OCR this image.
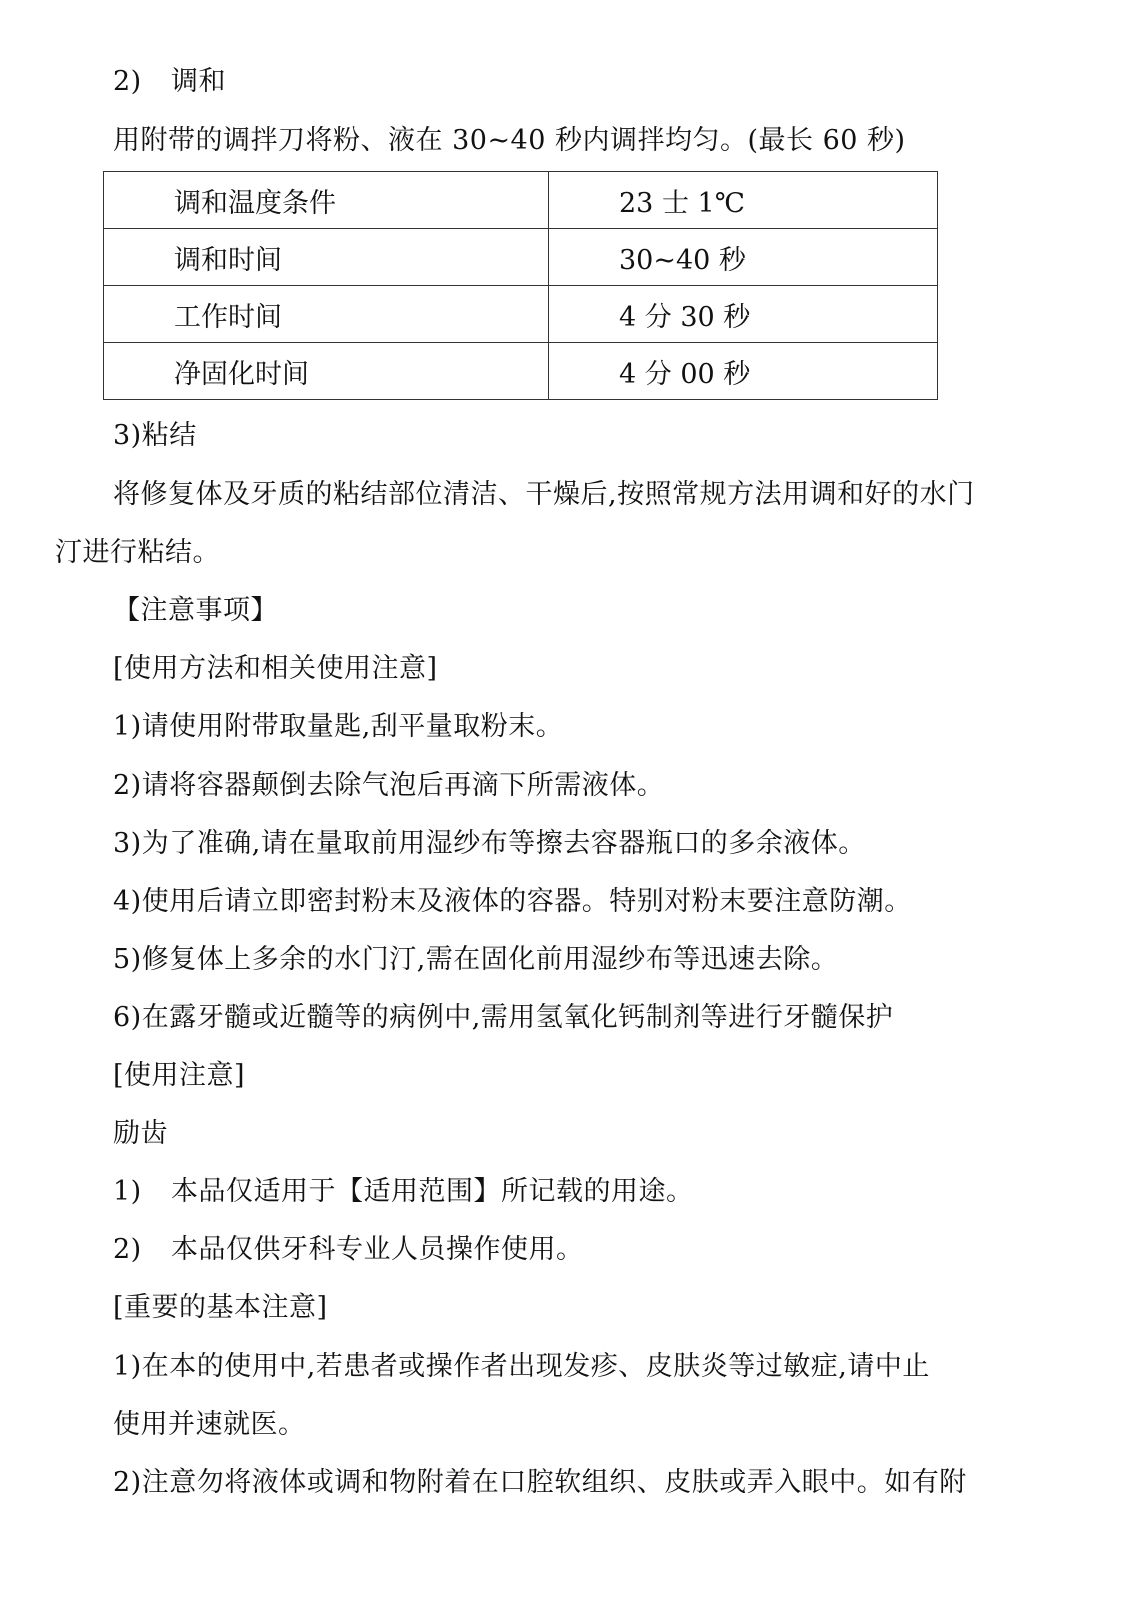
2) 调和
用附带的调拌刀将粉、液在 30~40 秒内调拌均匀。(最长 60 秒)
调和温度条件	23 士 1℃
调和时间	30~40 秒
工作时间	4 分 30 秒
净固化时间	4 分 00 秒
3)粘结
将修复体及牙质的粘结部位清洁、干燥后,按照常规方法用调和好的水门
汀进行粘结。
【注意事项】
[使用方法和相关使用注意]
1)请使用附带取量匙,刮平量取粉末。
2)请将容器颠倒去除气泡后再滴下所需液体。
3)为了准确,请在量取前用湿纱布等擦去容器瓶口的多余液体。
4)使用后请立即密封粉末及液体的容器。特别对粉末要注意防潮。
5)修复体上多余的水门汀,需在固化前用湿纱布等迅速去除。
6)在露牙髓或近髓等的病例中,需用氢氧化钙制剂等进行牙髓保护
[使用注意]
励齿
1) 本品仅适用于【适用范围】所记载的用途。
2) 本品仅供牙科专业人员操作使用。
[重要的基本注意]
1)在本的使用中,若患者或操作者出现发疹、皮肤炎等过敏症,请中止
使用并速就医。
2)注意勿将液体或调和物附着在口腔软组织、皮肤或弄入眼中。如有附
